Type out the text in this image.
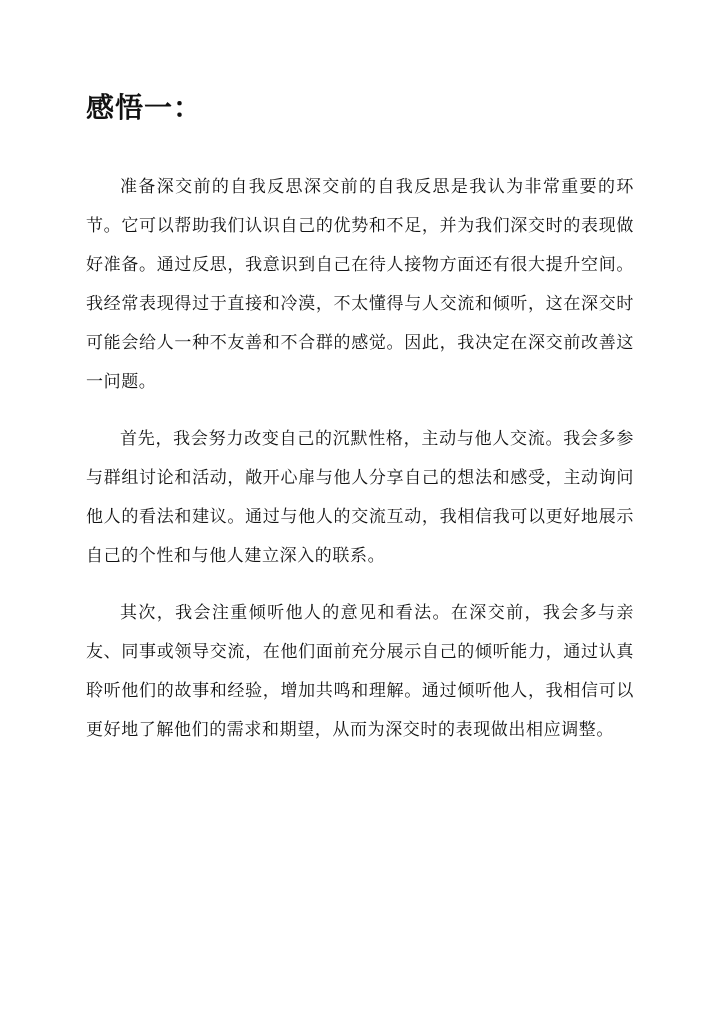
感悟一：

准备深交前的自我反思深交前的自我反思是我认为非常重要的环节。它可以帮助我们认识自己的优势和不足，并为我们深交时的表现做好准备。通过反思，我意识到自己在待人接物方面还有很大提升空间。我经常表现得过于直接和冷漠，不太懂得与人交流和倾听，这在深交时可能会给人一种不友善和不合群的感觉。因此，我决定在深交前改善这一问题。

首先，我会努力改变自己的沉默性格，主动与他人交流。我会多参与群组讨论和活动，敞开心扉与他人分享自己的想法和感受，主动询问他人的看法和建议。通过与他人的交流互动，我相信我可以更好地展示自己的个性和与他人建立深入的联系。

其次，我会注重倾听他人的意见和看法。在深交前，我会多与亲友、同事或领导交流，在他们面前充分展示自己的倾听能力，通过认真聆听他们的故事和经验，增加共鸣和理解。通过倾听他人，我相信可以更好地了解他们的需求和期望，从而为深交时的表现做出相应调整。
